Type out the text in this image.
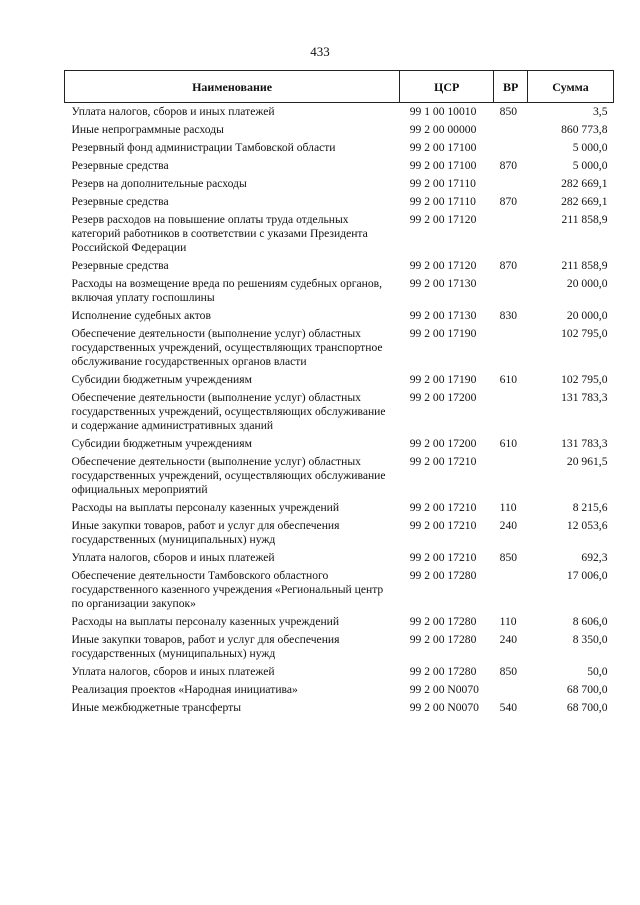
433
Наименование	ЦСР	ВР	Сумма
Уплата налогов, сборов и иных платежей	99 1 00 10010	850	3,5
Иные непрограммные расходы	99 2 00 00000		860 773,8
Резервный фонд администрации Тамбовской области	99 2 00 17100		5 000,0
Резервные средства	99 2 00 17100	870	5 000,0
Резерв на дополнительные расходы	99 2 00 17110		282 669,1
Резервные средства	99 2 00 17110	870	282 669,1
Резерв расходов на повышение оплаты труда отдельных категорий работников в соответствии с указами Президента Российской Федерации	99 2 00 17120		211 858,9
Резервные средства	99 2 00 17120	870	211 858,9
Расходы на возмещение вреда по решениям судебных органов, включая уплату госпошлины	99 2 00 17130		20 000,0
Исполнение судебных актов	99 2 00 17130	830	20 000,0
Обеспечение деятельности (выполнение услуг) областных государственных учреждений, осуществляющих транспортное обслуживание государственных органов власти	99 2 00 17190		102 795,0
Субсидии бюджетным учреждениям	99 2 00 17190	610	102 795,0
Обеспечение деятельности (выполнение услуг) областных государственных учреждений, осуществляющих обслуживание и содержание административных зданий	99 2 00 17200		131 783,3
Субсидии бюджетным учреждениям	99 2 00 17200	610	131 783,3
Обеспечение деятельности (выполнение услуг) областных государственных учреждений, осуществляющих обслуживание официальных мероприятий	99 2 00 17210		20 961,5
Расходы на выплаты персоналу казенных учреждений	99 2 00 17210	110	8 215,6
Иные закупки товаров, работ и услуг для обеспечения государственных (муниципальных) нужд	99 2 00 17210	240	12 053,6
Уплата налогов, сборов и иных платежей	99 2 00 17210	850	692,3
Обеспечение деятельности Тамбовского областного государственного казенного учреждения «Региональный центр по организации закупок»	99 2 00 17280		17 006,0
Расходы на выплаты персоналу казенных учреждений	99 2 00 17280	110	8 606,0
Иные закупки товаров, работ и услуг для обеспечения государственных (муниципальных) нужд	99 2 00 17280	240	8 350,0
Уплата налогов, сборов и иных платежей	99 2 00 17280	850	50,0
Реализация проектов «Народная инициатива»	99 2 00 N0070		68 700,0
Иные межбюджетные трансферты	99 2 00 N0070	540	68 700,0
